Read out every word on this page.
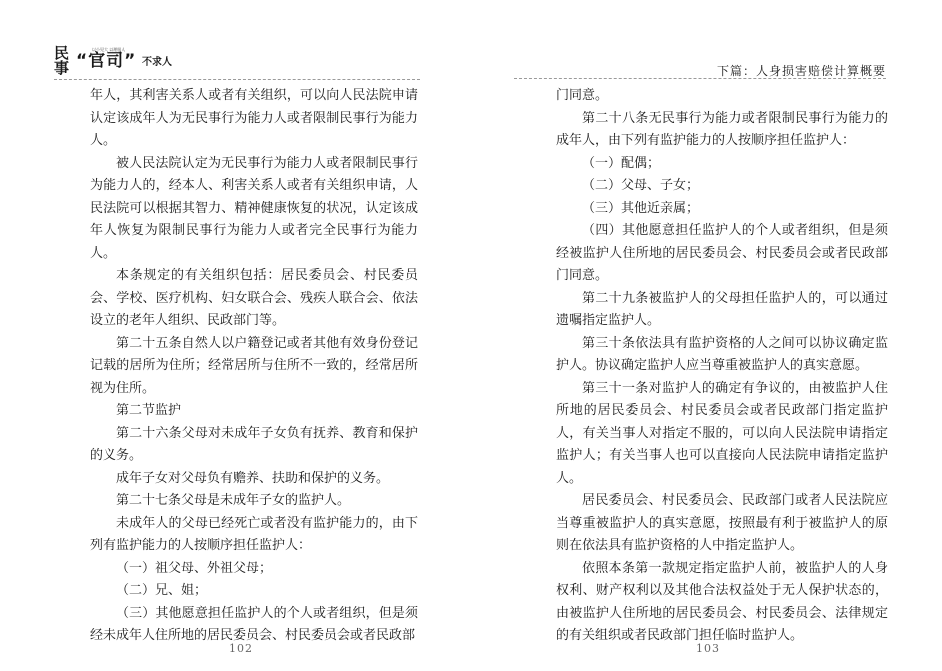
民
事
以小见大 以理服人
“官司” 不求人

年人，其利害关系人或者有关组织，可以向人民法院申请认定该成年人为无民事行为能力人或者限制民事行为能力人。

被人民法院认定为无民事行为能力人或者限制民事行为能力人的，经本人、利害关系人或者有关组织申请，人民法院可以根据其智力、精神健康恢复的状况，认定该成年人恢复为限制民事行为能力人或者完全民事行为能力人。

本条规定的有关组织包括：居民委员会、村民委员会、学校、医疗机构、妇女联合会、残疾人联合会、依法设立的老年人组织、民政部门等。

第二十五条自然人以户籍登记或者其他有效身份登记记载的居所为住所；经常居所与住所不一致的，经常居所视为住所。

第二节监护

第二十六条父母对未成年子女负有抚养、教育和保护的义务。

成年子女对父母负有赡养、扶助和保护的义务。

第二十七条父母是未成年子女的监护人。

未成年人的父母已经死亡或者没有监护能力的，由下列有监护能力的人按顺序担任监护人：

（一）祖父母、外祖父母；

（二）兄、姐；

（三）其他愿意担任监护人的个人或者组织，但是须经未成年人住所地的居民委员会、村民委员会或者民政部

102
下篇：人身损害赔偿计算概要

门同意。

第二十八条无民事行为能力或者限制民事行为能力的成年人，由下列有监护能力的人按顺序担任监护人：

（一）配偶；

（二）父母、子女；

（三）其他近亲属；

（四）其他愿意担任监护人的个人或者组织，但是须经被监护人住所地的居民委员会、村民委员会或者民政部门同意。

第二十九条被监护人的父母担任监护人的，可以通过遗嘱指定监护人。

第三十条依法具有监护资格的人之间可以协议确定监护人。协议确定监护人应当尊重被监护人的真实意愿。

第三十一条对监护人的确定有争议的，由被监护人住所地的居民委员会、村民委员会或者民政部门指定监护人，有关当事人对指定不服的，可以向人民法院申请指定监护人；有关当事人也可以直接向人民法院申请指定监护人。

居民委员会、村民委员会、民政部门或者人民法院应当尊重被监护人的真实意愿，按照最有利于被监护人的原则在依法具有监护资格的人中指定监护人。

依照本条第一款规定指定监护人前，被监护人的人身权利、财产权利以及其他合法权益处于无人保护状态的，由被监护人住所地的居民委员会、村民委员会、法律规定的有关组织或者民政部门担任临时监护人。

103
